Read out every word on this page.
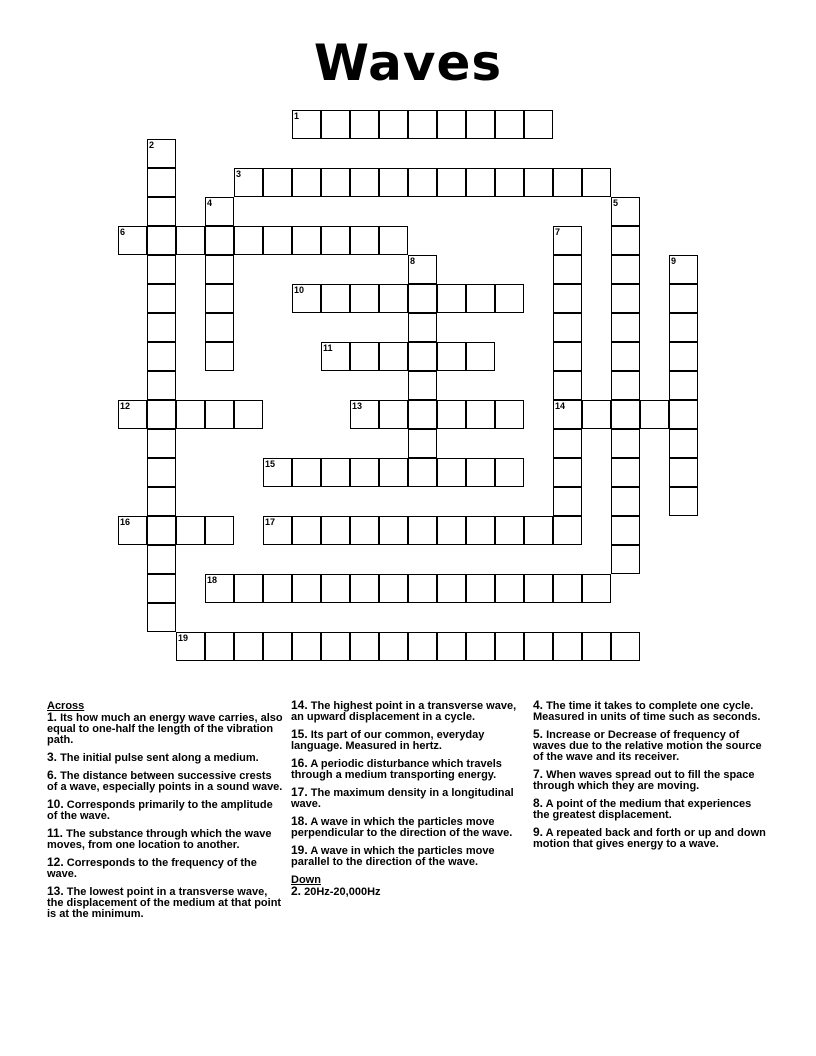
Waves
1
3
6
10
11
12	13	14
15
16	17
18
19
2
4	5
7
8	9
Across
1. Its how much an energy wave carries, also equal to one-half the length of the vibration path.
3. The initial pulse sent along a medium.
6. The distance between successive crests of a wave, especially points in a sound wave.
10. Corresponds primarily to the amplitude of the wave.
11. The substance through which the wave moves, from one location to another.
12. Corresponds to the frequency of the wave.
13. The lowest point in a transverse wave, the displacement of the medium at that point is at the minimum.
14. The highest point in a transverse wave, an upward displacement in a cycle.
15. Its part of our common, everyday language. Measured in hertz.
16. A periodic disturbance which travels through a medium transporting energy.
17. The maximum density in a longitudinal wave.
18. A wave in which the particles move perpendicular to the direction of the wave.
19. A wave in which the particles move parallel to the direction of the wave.
Down
2. 20Hz-20,000Hz
4. The time it takes to complete one cycle. Measured in units of time such as seconds.
5. Increase or Decrease of frequency of waves due to the relative motion the source of the wave and its receiver.
7. When waves spread out to fill the space through which they are moving.
8. A point of the medium that experiences the greatest displacement.
9. A repeated back and forth or up and down motion that gives energy to a wave.
